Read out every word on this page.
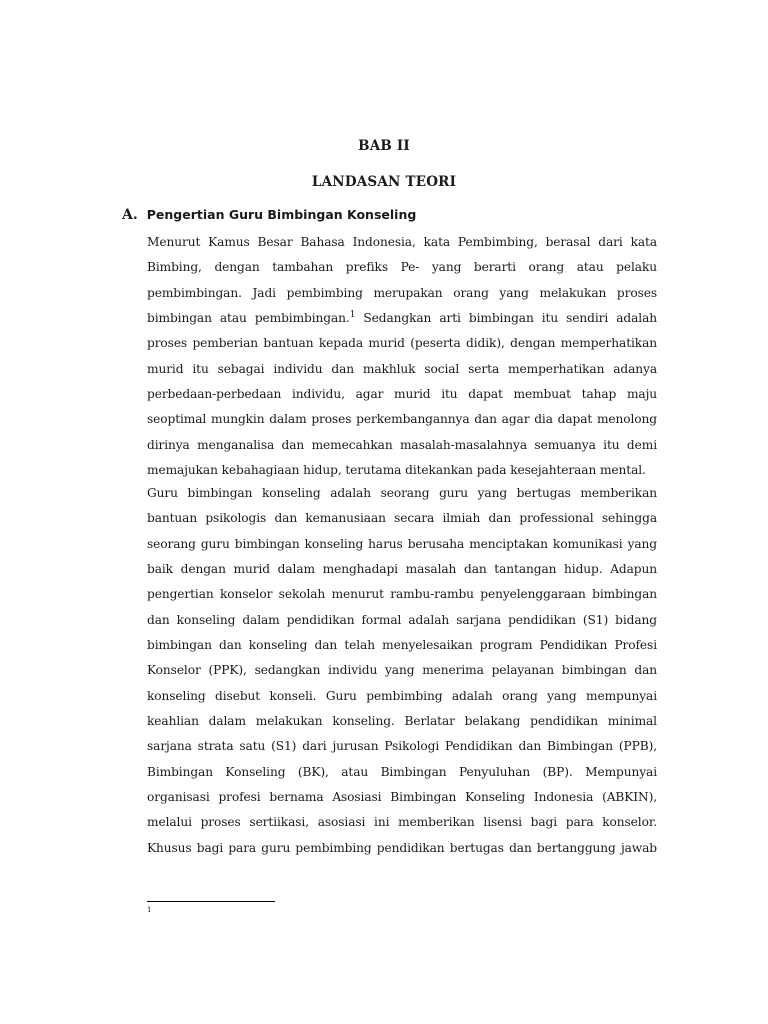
BAB II
LANDASAN TEORI
A. Pengertian Guru Bimbingan Konseling
Menurut Kamus Besar Bahasa Indonesia, kata Pembimbing, berasal dari kata Bimbing, dengan tambahan prefiks Pe- yang berarti orang atau pelaku pembimbingan. Jadi pembimbing merupakan orang yang melakukan proses bimbingan atau pembimbingan.$^1$ Sedangkan arti bimbingan itu sendiri adalah proses pemberian bantuan kepada murid (peserta didik), dengan memperhatikan murid itu sebagai individu dan makhluk social serta memperhatikan adanya perbedaan-perbedaan individu, agar murid itu dapat membuat tahap maju seoptimal mungkin dalam proses perkembangannya dan agar dia dapat menolong dirinya menganalisa dan memecahkan masalah-masalahnya semuanya itu demi memajukan kebahagiaan hidup, terutama ditekankan pada kesejahteraan mental.
Guru bimbingan konseling adalah seorang guru yang bertugas memberikan bantuan psikologis dan kemanusiaan secara ilmiah dan professional sehingga seorang guru bimbingan konseling harus berusaha menciptakan komunikasi yang baik dengan murid dalam menghadapi masalah dan tantangan hidup. Adapun pengertian konselor sekolah menurut rambu-rambu penyelenggaraan bimbingan dan konseling dalam pendidikan formal adalah sarjana pendidikan (S1) bidang bimbingan dan konseling dan telah menyelesaikan program Pendidikan Profesi Konselor (PPK), sedangkan individu yang menerima pelayanan bimbingan dan konseling disebut konseli. Guru pembimbing adalah orang yang mempunyai keahlian dalam melakukan konseling. Berlatar belakang pendidikan minimal sarjana strata satu (S1) dari jurusan Psikologi Pendidikan dan Bimbingan (PPB), Bimbingan Konseling (BK), atau Bimbingan Penyuluhan (BP). Mempunyai organisasi profesi bernama Asosiasi Bimbingan Konseling Indonesia (ABKIN), melalui proses sertiikasi, asosiasi ini memberikan lisensi bagi para konselor. Khusus bagi para guru pembimbing pendidikan bertugas dan bertanggung jawab
1
